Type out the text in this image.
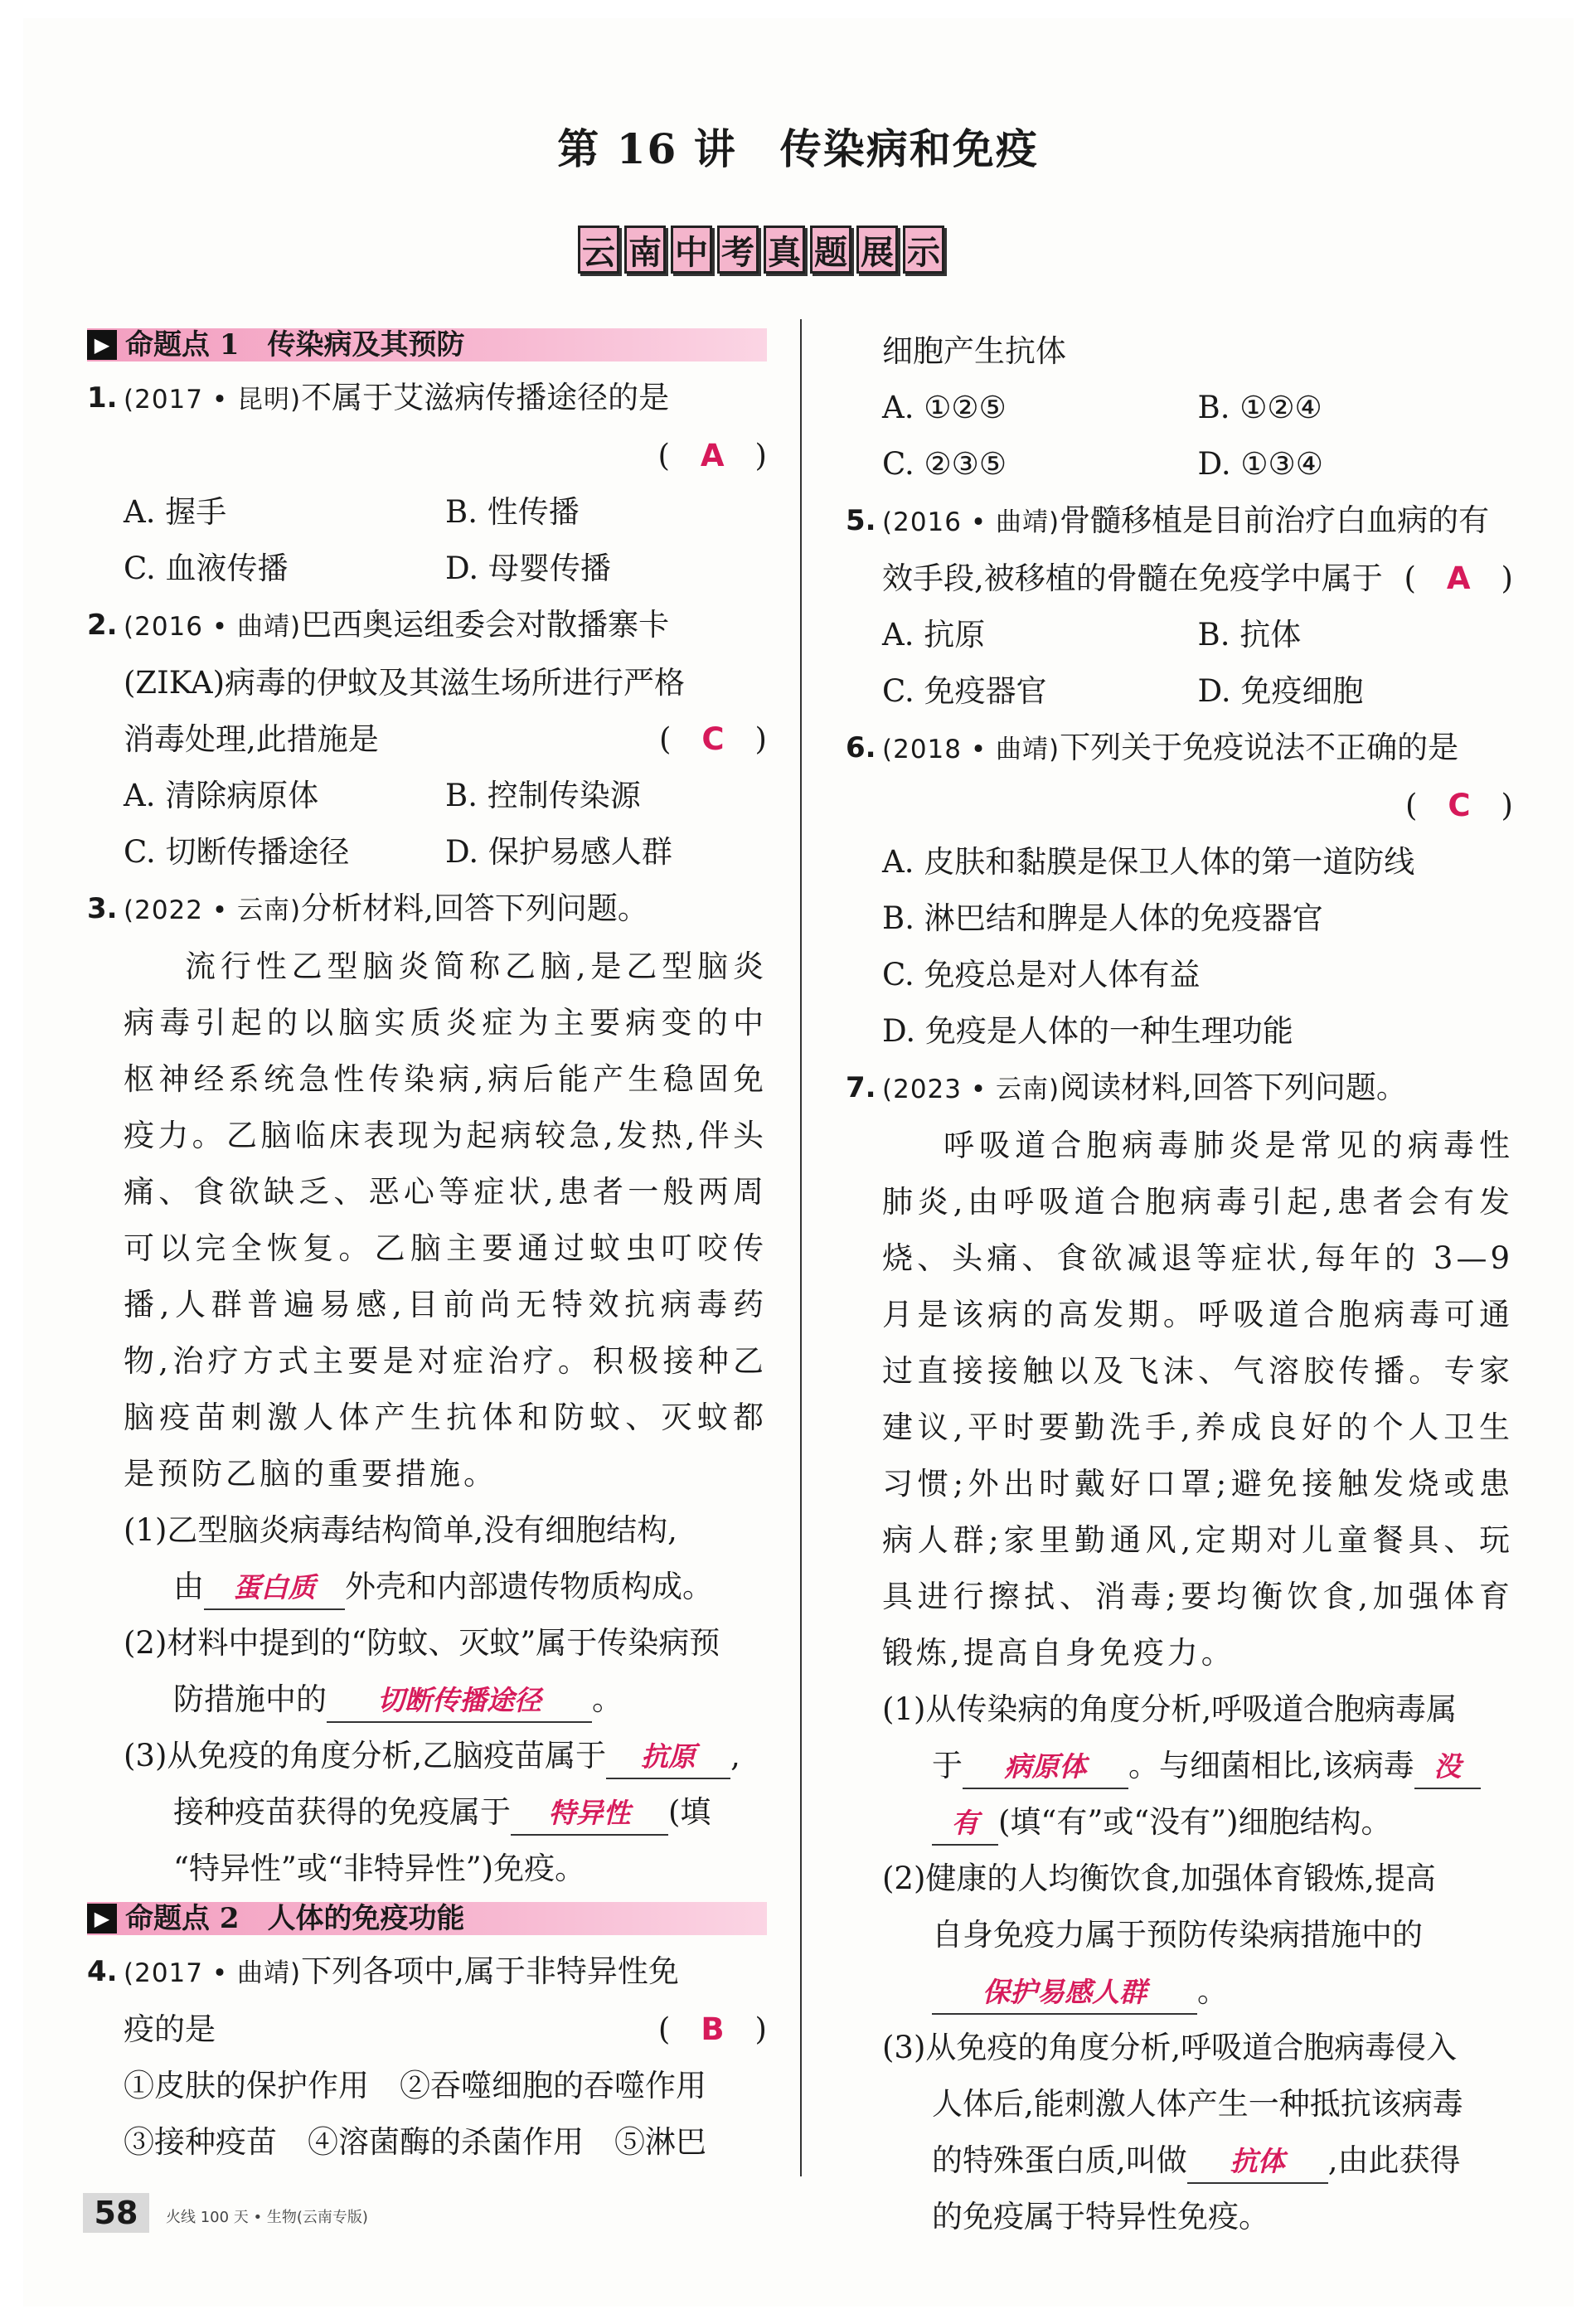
第 16 讲　传染病和免疫
云 南 中 考 真 题 展 示
▶ 命题点 1　传染病及其预防
1. (2017 • 昆明)不属于艾滋病传播途径的是
(　A　)
A. 握手	B. 性传播
C. 血液传播	D. 母婴传播
2. (2016 • 曲靖)巴西奥运组委会对散播寨卡
(ZIKA)病毒的伊蚊及其滋生场所进行严格
消毒处理,此措施是	(　C　)
A. 清除病原体	B. 控制传染源
C. 切断传播途径	D. 保护易感人群
3. (2022 • 云南)分析材料,回答下列问题。
流行性乙型脑炎简称乙脑,是乙型脑炎病毒引起的以脑实质炎症为主要病变的中枢神经系统急性传染病,病后能产生稳固免疫力。乙脑临床表现为起病较急,发热,伴头痛、食欲缺乏、恶心等症状,患者一般两周可以完全恢复。乙脑主要通过蚊虫叮咬传播,人群普遍易感,目前尚无特效抗病毒药物,治疗方式主要是对症治疗。积极接种乙脑疫苗刺激人体产生抗体和防蚊、灭蚊都是预防乙脑的重要措施。
(1)乙型脑炎病毒结构简单,没有细胞结构,
由 蛋白质 外壳和内部遗传物质构成。
(2)材料中提到的“防蚊、灭蚊”属于传染病预
防措施中的 切断传播途径 。
(3)从免疫的角度分析,乙脑疫苗属于 抗原 ,
接种疫苗获得的免疫属于 特异性 (填
“特异性”或“非特异性”)免疫。
▶ 命题点 2　人体的免疫功能
4. (2017 • 曲靖)下列各项中,属于非特异性免
疫的是	(　B　)
①皮肤的保护作用　②吞噬细胞的吞噬作用
③接种疫苗　④溶菌酶的杀菌作用　⑤淋巴
细胞产生抗体
A. ①②⑤	B. ①②④
C. ②③⑤	D. ①③④
5. (2016 • 曲靖)骨髓移植是目前治疗白血病的有
效手段,被移植的骨髓在免疫学中属于 (　A　)
A. 抗原	B. 抗体
C. 免疫器官	D. 免疫细胞
6. (2018 • 曲靖)下列关于免疫说法不正确的是
(　C　)
A. 皮肤和黏膜是保卫人体的第一道防线
B. 淋巴结和脾是人体的免疫器官
C. 免疫总是对人体有益
D. 免疫是人体的一种生理功能
7. (2023 • 云南)阅读材料,回答下列问题。
呼吸道合胞病毒肺炎是常见的病毒性肺炎,由呼吸道合胞病毒引起,患者会有发烧、头痛、食欲减退等症状,每年的 3—9 月是该病的高发期。呼吸道合胞病毒可通过直接接触以及飞沫、气溶胶传播。专家建议,平时要勤洗手,养成良好的个人卫生习惯;外出时戴好口罩;避免接触发烧或患病人群;家里勤通风,定期对儿童餐具、玩具进行擦拭、消毒;要均衡饮食,加强体育锻炼,提高自身免疫力。
(1)从传染病的角度分析,呼吸道合胞病毒属
于 病原体 。与细菌相比,该病毒 没
有 (填“有”或“没有”)细胞结构。
(2)健康的人均衡饮食,加强体育锻炼,提高
自身免疫力属于预防传染病措施中的
保护易感人群 。
(3)从免疫的角度分析,呼吸道合胞病毒侵入
人体后,能刺激人体产生一种抵抗该病毒
的特殊蛋白质,叫做 抗体 ,由此获得
的免疫属于特异性免疫。
58	火线 100 天 • 生物(云南专版)
